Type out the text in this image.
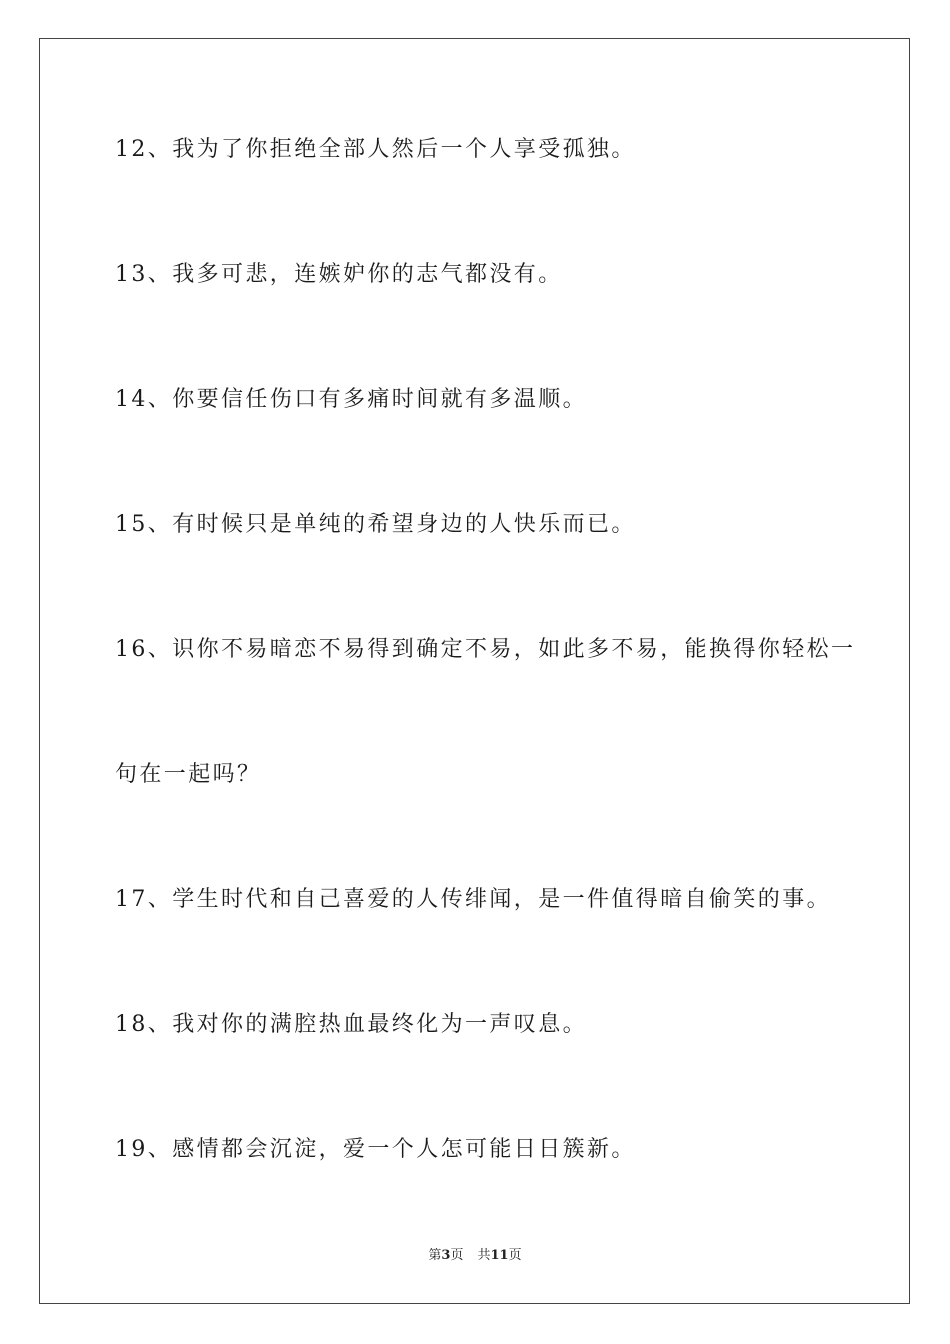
12、我为了你拒绝全部人然后一个人享受孤独。
13、我多可悲，连嫉妒你的志气都没有。
14、你要信任伤口有多痛时间就有多温顺。
15、有时候只是单纯的希望身边的人快乐而已。
16、识你不易暗恋不易得到确定不易，如此多不易，能换得你轻松一
句在一起吗？
17、学生时代和自己喜爱的人传绯闻，是一件值得暗自偷笑的事。
18、我对你的满腔热血最终化为一声叹息。
19、感情都会沉淀，爱一个人怎可能日日簇新。
第3页 共11页
